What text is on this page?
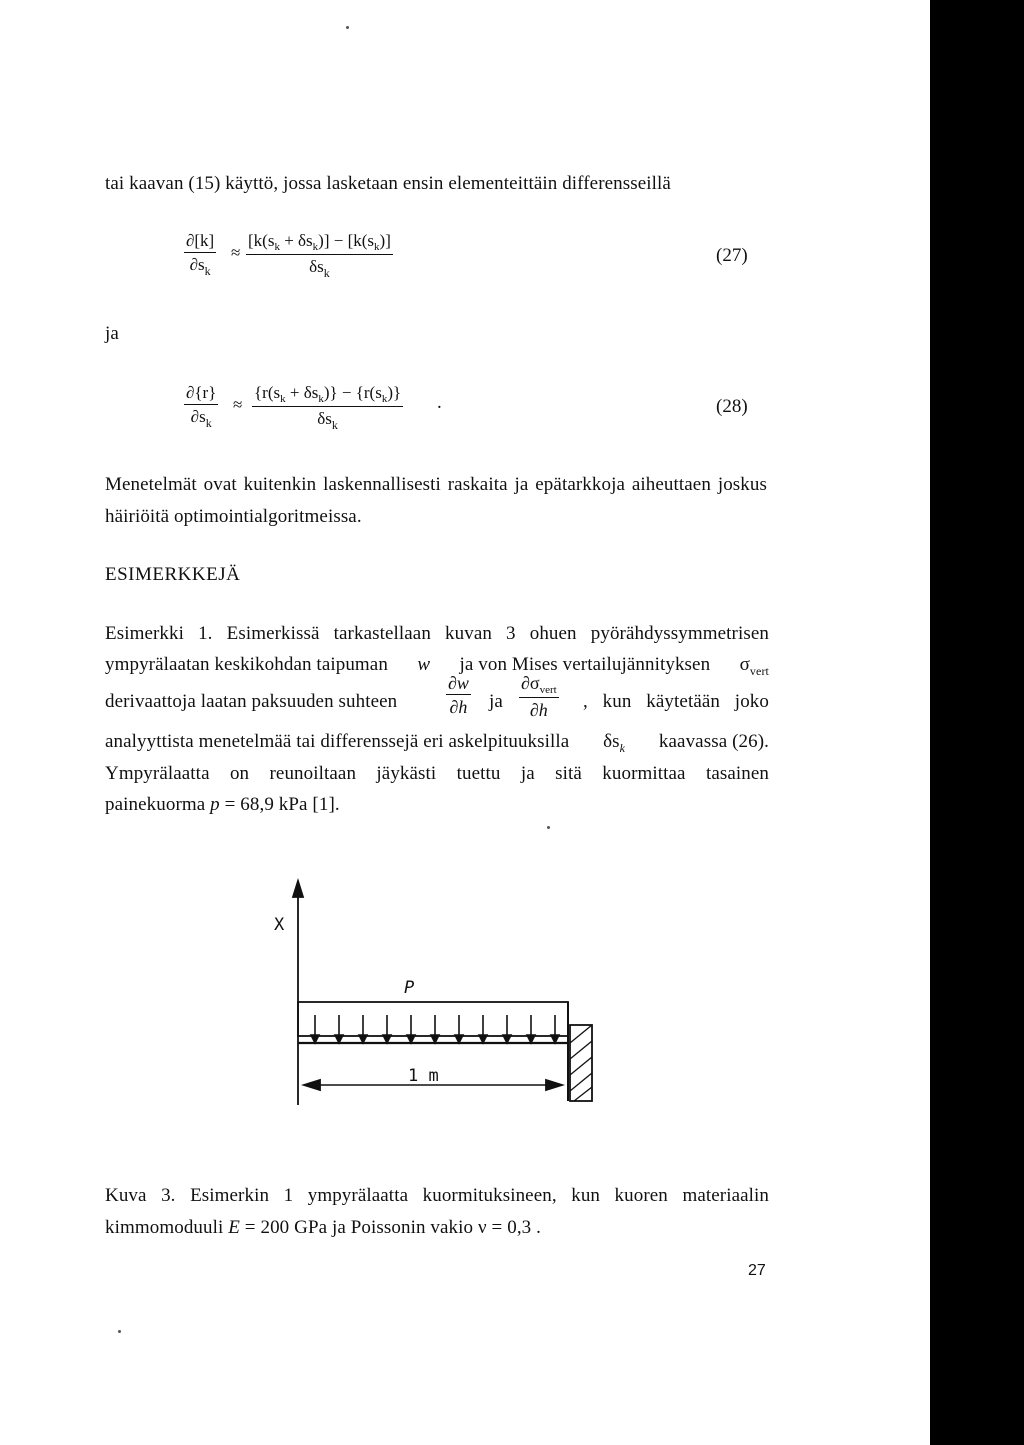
tai kaavan (15) käyttö, jossa lasketaan ensin elementeittäin differensseillä
$\frac{\partial[k]}{\partial s_k}$ ≈
$[k(s_k + \delta s_k)] - [k(s_k)]$
$\delta s_k$
(27)
ja
$\frac{\partial\{r\}}{\partial s_k}$ ≈
$\{r(s_k + \delta s_k)\} - \{r(s_k)\}$
$\delta s_k$
.	(28)
Menetelmät ovat kuitenkin laskennallisesti raskaita ja epätarkkoja aiheuttaen joskus
häiriöitä optimointialgoritmeissa.
ESIMERKKEJÄ
Esimerkki 1. Esimerkissä tarkastellaan kuvan 3 ohuen pyörähdyssymmetrisen
ympyrälaatan keskikohdan taipuman w ja von Mises vertailujännityksen $\sigma_{vert}$
derivaattoja laatan paksuuden suhteen	$\frac{\partial w}{\partial h}$ ja
$\partial\sigma_{vert}$
∂h	, kun käytetään joko
analyyttista menetelmää tai differenssejä eri askelpituuksilla $\delta s_k$ kaavassa (26).
Ympyrälaatta on reunoiltaan jäykästi tuettu ja sitä kuormittaa tasainen
painekuorma p = 68,9 kPa [1].
X
P
1 m
Kuva 3. Esimerkin 1 ympyrälaatta kuormituksineen, kun kuoren materiaalin
kimmomoduuli E = 200 GPa ja Poissonin vakio ν = 0,3 .
27
